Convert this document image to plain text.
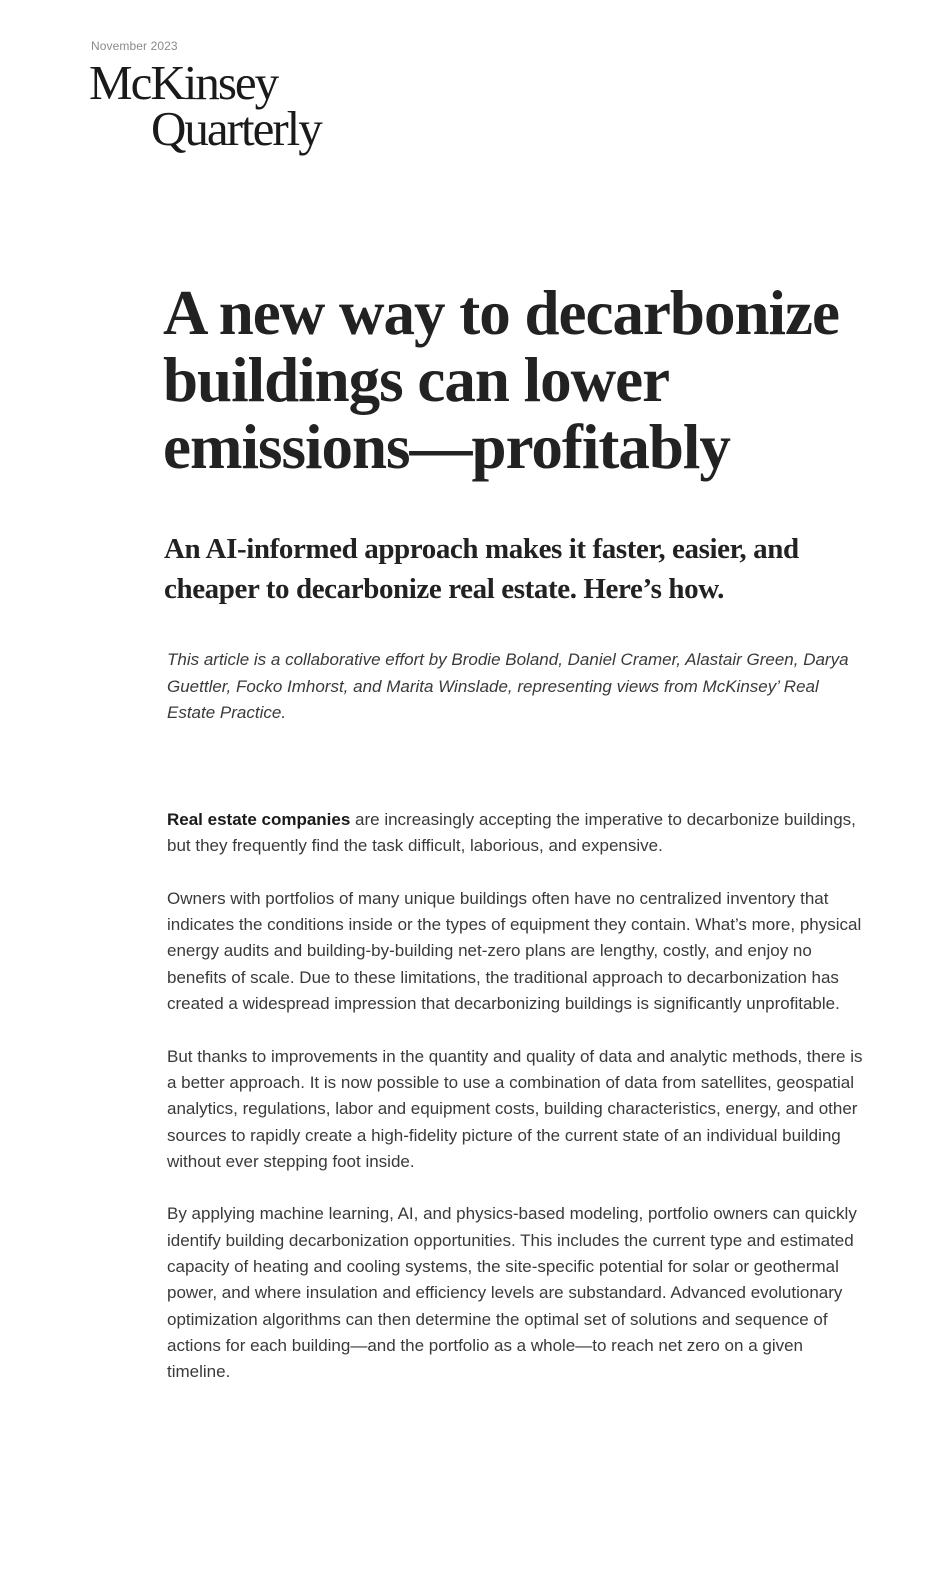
November 2023
McKinsey
Quarterly
A new way to decarbonize buildings can lower emissions—profitably
An AI-informed approach makes it faster, easier, and cheaper to decarbonize real estate. Here’s how.

This article is a collaborative effort by Brodie Boland, Daniel Cramer, Alastair Green, Darya Guettler, Focko Imhorst, and Marita Winslade, representing views from McKinsey’ Real Estate Practice.

Real estate companies are increasingly accepting the imperative to decarbonize buildings, but they frequently find the task difficult, laborious, and expensive.

Owners with portfolios of many unique buildings often have no centralized inventory that indicates the conditions inside or the types of equipment they contain. What’s more, physical energy audits and building-by-building net-zero plans are lengthy, costly, and enjoy no benefits of scale. Due to these limitations, the traditional approach to decarbonization has created a widespread impression that decarbonizing buildings is significantly unprofitable.

But thanks to improvements in the quantity and quality of data and analytic methods, there is a better approach. It is now possible to use a combination of data from satellites, geospatial analytics, regulations, labor and equipment costs, building characteristics, energy, and other sources to rapidly create a high-fidelity picture of the current state of an individual building without ever stepping foot inside.

By applying machine learning, AI, and physics-based modeling, portfolio owners can quickly identify building decarbonization opportunities. This includes the current type and estimated capacity of heating and cooling systems, the site-specific potential for solar or geothermal power, and where insulation and efficiency levels are substandard. Advanced evolutionary optimization algorithms can then determine the optimal set of solutions and sequence of actions for each building—and the portfolio as a whole—to reach net zero on a given timeline.
